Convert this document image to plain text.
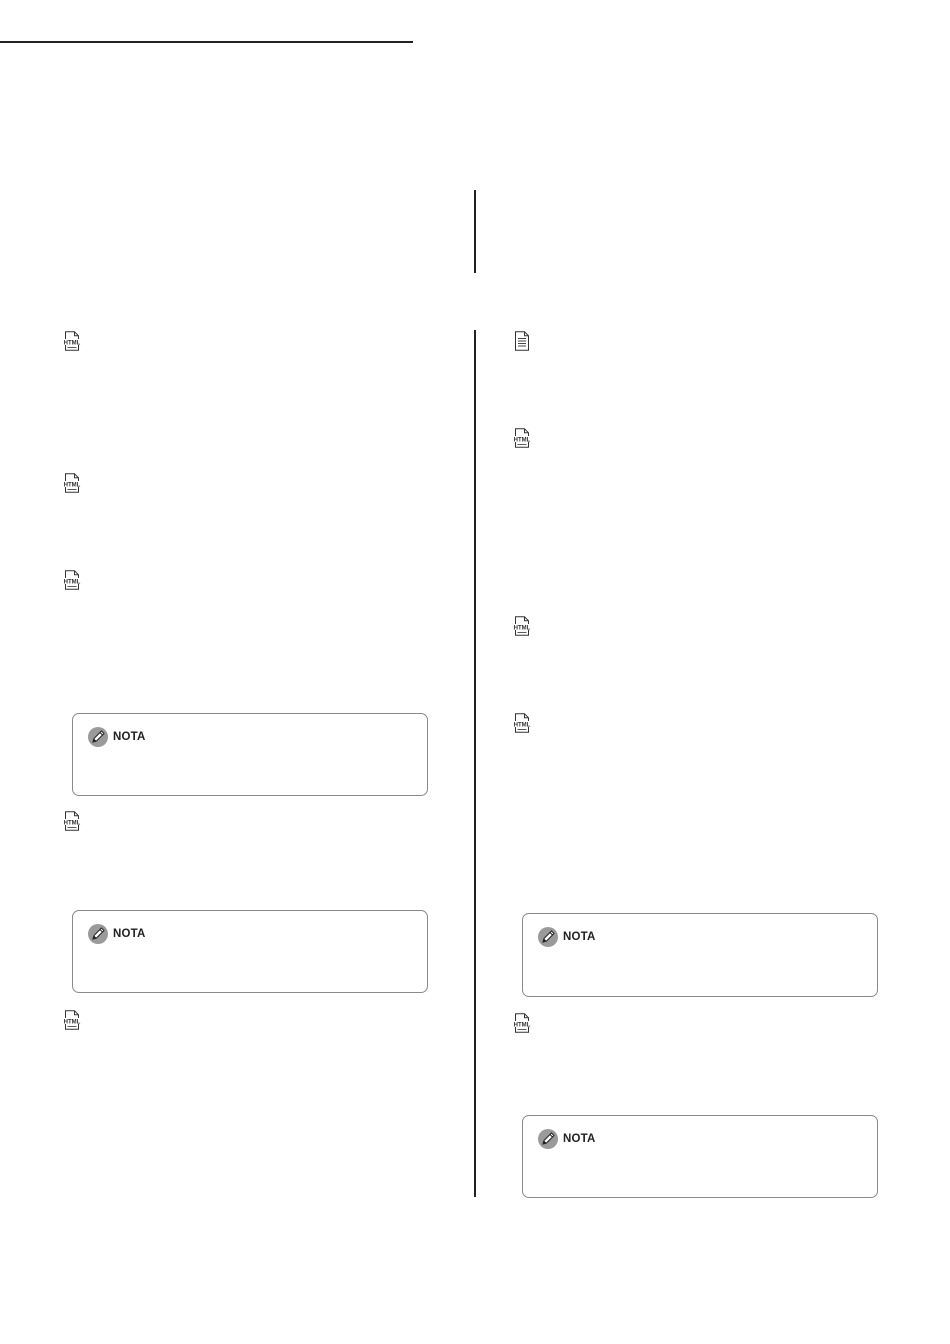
NOTA
NOTA	NOTA
NOTA
